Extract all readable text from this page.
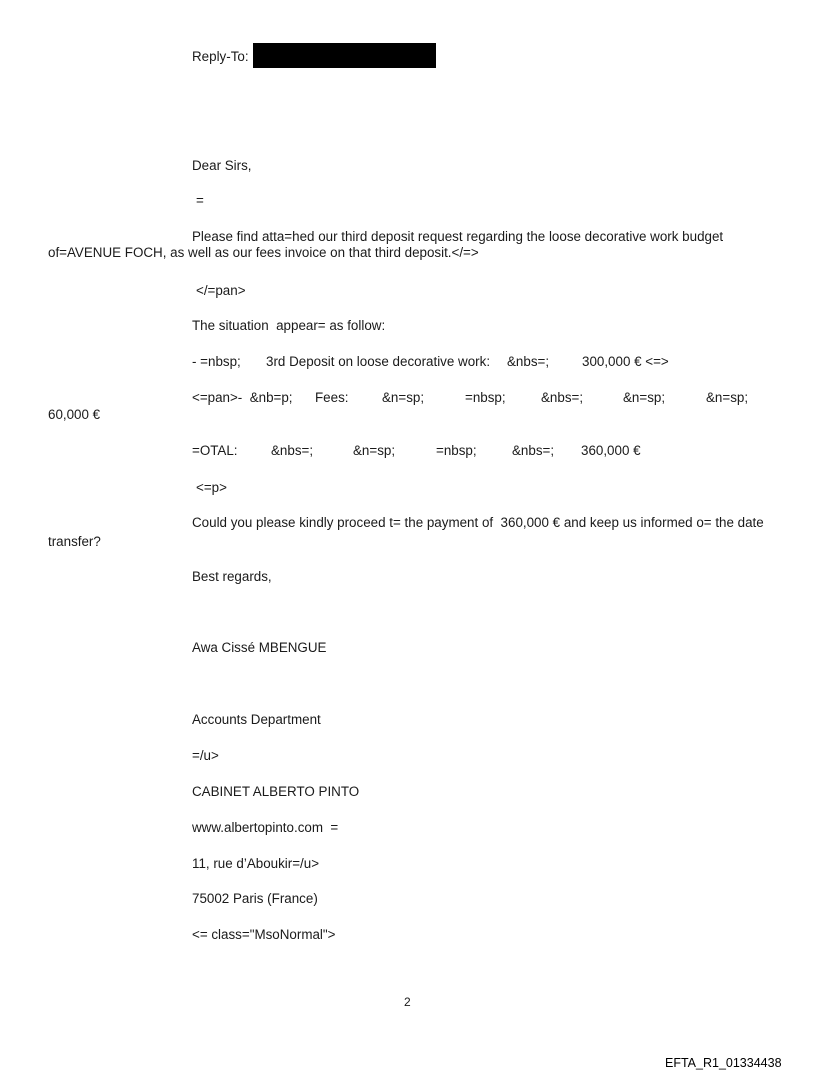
Reply-To:
Dear Sirs,
=
Please find atta=hed our third deposit request regarding the loose decorative work budget
of=AVENUE FOCH, as well as our fees invoice on that third deposit.</=>
</=pan>
The situation  appear= as follow:
- =nbsp; 3rd Deposit on loose decorative work: &nbs=; 300,000 € <=>
<=pan>-  &nb=p; Fees:	&n=sp;	=nbsp;	&nbs=;	&n=sp;	&n=sp;
60,000 €
=OTAL: &nbs=;	&n=sp;	=nbsp;	&nbs=; 360,000 €
<=p>
Could you please kindly proceed t= the payment of  360,000 € and keep us informed o= the date
transfer?
Best regards,
Awa Cissé MBENGUE
Accounts Department
=/u>
CABINET ALBERTO PINTO
www.albertopinto.com  =
11, rue d’Aboukir=/u>
75002 Paris (France)
<= class="MsoNormal">
2
EFTA_R1_01334438
